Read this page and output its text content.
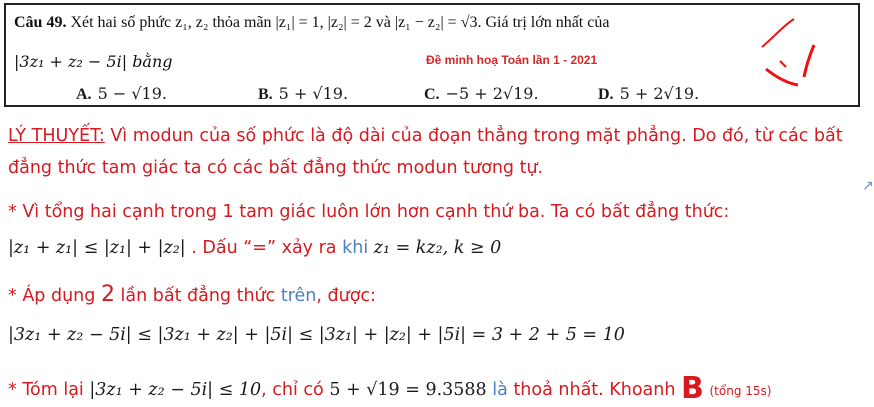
Câu 49. Xét hai số phức z₁, z₂ thỏa mãn |z₁| = 1, |z₂| = 2 và |z₁ − z₂| = √3. Giá trị lớn nhất của
|3z₁ + z₂ − 5i| bằng	Đề minh hoạ Toán lần 1 - 2021
A. 5 − √19.	B. 5 + √19.	C. −5 + 2√19.	D. 5 + 2√19.
LÝ THUYẾT: Vì modun của số phức là độ dài của đoạn thẳng trong mặt phẳng. Do đó, từ các bất
đẳng thức tam giác ta có các bất đẳng thức modun tương tự.
* Vì tổng hai cạnh trong 1 tam giác luôn lớn hơn cạnh thứ ba. Ta có bất đẳng thức:
|z₁ + z₁| ≤ |z₁| + |z₂| . Dấu “=” xảy ra khi z₁ = kz₂, k ≥ 0
* Áp dụng 2 lần bất đẳng thức trên, được:
|3z₁ + z₂ − 5i| ≤ |3z₁ + z₂| + |5i| ≤ |3z₁| + |z₂| + |5i| = 3 + 2 + 5 = 10
* Tóm lại |3z₁ + z₂ − 5i| ≤ 10, chỉ có 5 + √19 = 9.3588 là thoả nhất. Khoanh B (tổng 15s)
↗
